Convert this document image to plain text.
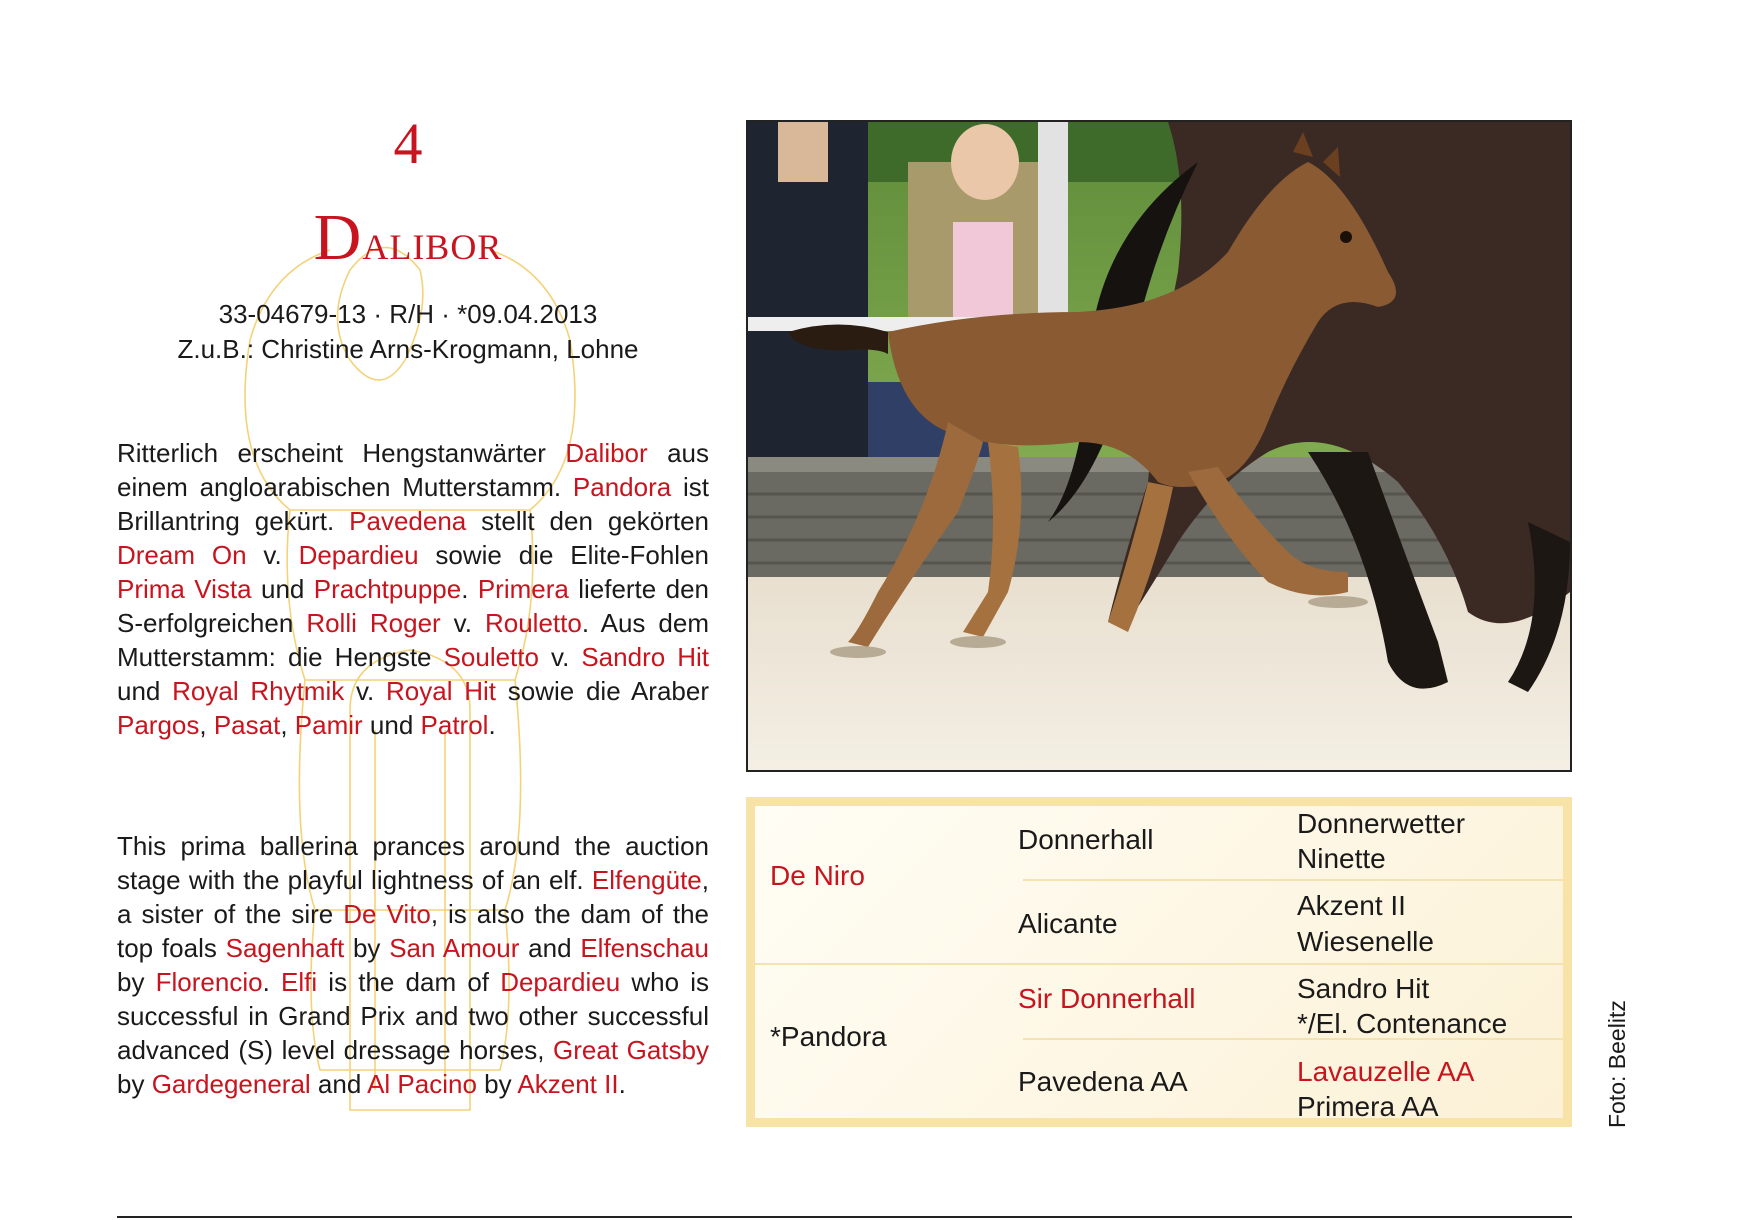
4
Dalibor
33-04679-13 · R/H · *09.04.2013
Z.u.B.: Christine Arns-Krogmann, Lohne

Ritterlich erscheint Hengstanwärter Dalibor aus einem angloarabischen Mutterstamm. Pandora ist Brillantring gekürt. Pavedena stellt den gekörten Dream On v. Depardieu sowie die Elite-Fohlen Prima Vista und Prachtpuppe. Primera lieferte den S-erfolgreichen Rolli Roger v. Rouletto. Aus dem Mutterstamm: die Hengste Souletto v. Sandro Hit und Royal Rhytmik v. Royal Hit sowie die Araber Pargos, Pasat, Pamir und Patrol.

This prima ballerina prances around the auction stage with the playful lightness of an elf. Elfengüte, a sister of the sire De Vito, is also the dam of the top foals Sagenhaft by San Amour and Elfenschau by Florencio. Elfi is the dam of Depardieu who is successful in Grand Prix and two other successful advanced (S) level dressage horses, Great Gatsby by Gardegeneral and Al Pacino by Akzent II.

De Niro
*Pandora
Donnerhall
Alicante
Sir Donnerhall
Pavedena AA
Donnerwetter
Ninette
Akzent II
Wiesenelle
Sandro Hit
*/El. Contenance
Lavauzelle AA
Primera AA	Foto: Beelitz
